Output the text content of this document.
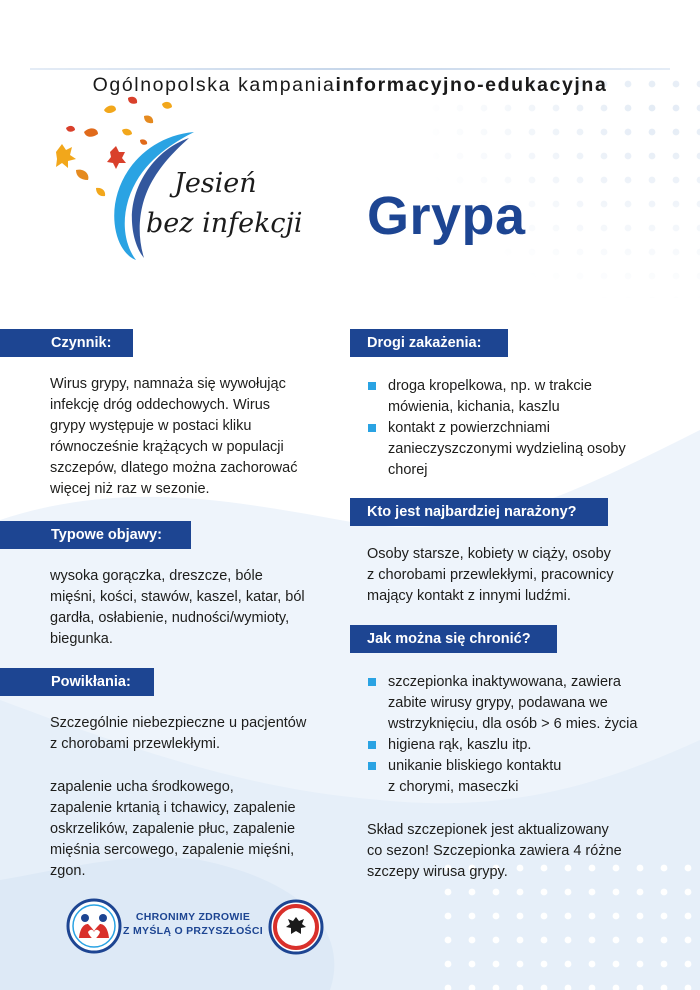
Ogólnopolska kampaniainformacyjno-edukacyjna
Jesień
bez infekcji Grypa
Czynnik:
Wirus grypy, namnaża się wywołując
infekcję dróg oddechowych. Wirus
grypy występuje w postaci kliku
równocześnie krążących w populacji
szczepów, dlatego można zachorować
więcej niż raz w sezonie.
Typowe objawy:
wysoka gorączka, dreszcze, bóle
mięśni, kości, stawów, kaszel, katar, ból
gardła, osłabienie, nudności/wymioty,
biegunka.
Powikłania:
Szczególnie niebezpieczne u pacjentów
z chorobami przewlekłymi.
zapalenie ucha środkowego,
zapalenie krtanią i tchawicy, zapalenie
oskrzelików, zapalenie płuc, zapalenie
mięśnia sercowego, zapalenie mięśni,
zgon.
Drogi zakażenia:
droga kropelkowa, np. w trakcie
mówienia, kichania, kaszlu
kontakt z powierzchniami
zanieczyszczonymi wydzieliną osoby
chorej
Kto jest najbardziej narażony?
Osoby starsze, kobiety w ciąży, osoby
z chorobami przewlekłymi, pracownicy
mający kontakt z innymi ludźmi.
Jak można się chronić?
szczepionka inaktywowana, zawiera
zabite wirusy grypy, podawana we
wstrzyknięciu, dla osób > 6 mies. życia
higiena rąk, kaszlu itp.
unikanie bliskiego kontaktu
z chorymi, maseczki
Skład szczepionek jest aktualizowany
co sezon! Szczepionka zawiera 4 różne
szczepy wirusa grypy.
CHRONIMY ZDROWIE
Z MYŚLĄ O PRZYSZŁOŚCI
